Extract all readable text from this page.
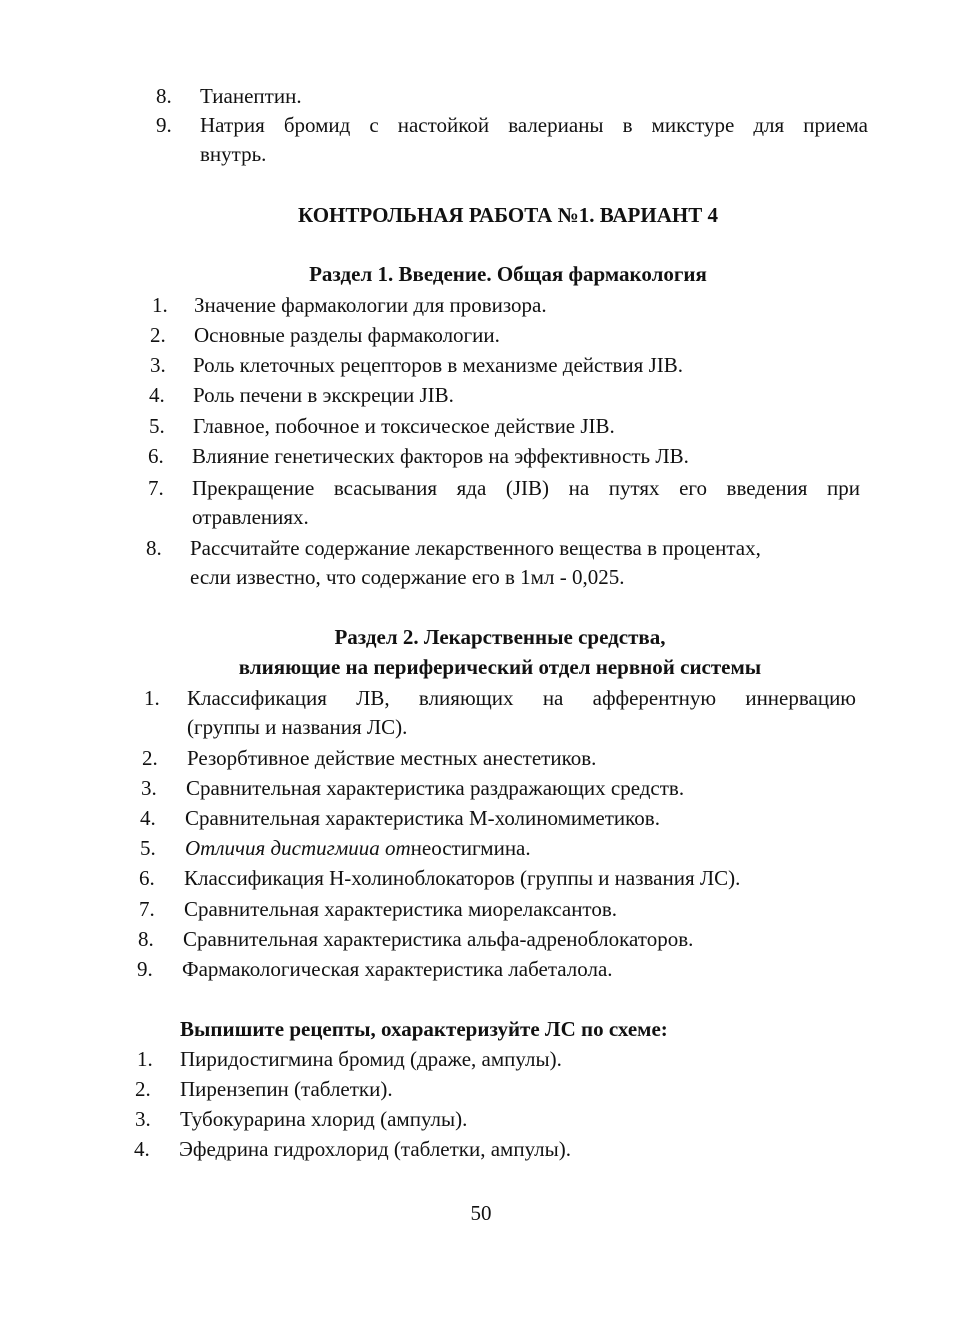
8. Тианептин.
9. Натрия бромид с настойкой валерианы в микстуре для приема
внутрь.
КОНТРОЛЬНАЯ РАБОТА №1. ВАРИАНТ 4
Раздел 1. Введение. Общая фармакология
1. Значение фармакологии для провизора.
2. Основные разделы фармакологии.
3. Роль клеточных рецепторов в механизме действия JIB.
4. Роль печени в экскреции JIB.
5. Главное, побочное и токсическое действие JIB.
6. Влияние генетических факторов на эффективность ЛВ.
7. Прекращение всасывания яда (JIB) на путях его введения при
отравлениях.
8. Рассчитайте содержание лекарственного вещества в процентах,
если известно, что содержание его в 1мл - 0,025.
Раздел 2. Лекарственные средства,
влияющие на периферический отдел нервной системы
1. Классификация ЛВ, влияющих на афферентную иннервацию
(группы и названия ЛС).
2. Резорбтивное действие местных анестетиков.
3. Сравнительная характеристика раздражающих средств.
4. Сравнительная характеристика М-холиномиметиков.
5. Отличия дистигмиuа отнеостигмина.
6. Классификация Н-холиноблокаторов (группы и названия ЛС).
7. Сравнительная характеристика миорелаксантов.
8. Сравнительная характеристика альфа-адреноблокаторов.
9. Фармакологическая характеристика лабеталола.
Выпишите рецепты, охарактеризуйте ЛС по схеме:
1. Пиридостигмина бромид (драже, ампулы).
2. Пирензепин (таблетки).
3. Тубокурарина хлорид (ампулы).
4. Эфедрина гидрохлорид (таблетки, ампулы).
50
